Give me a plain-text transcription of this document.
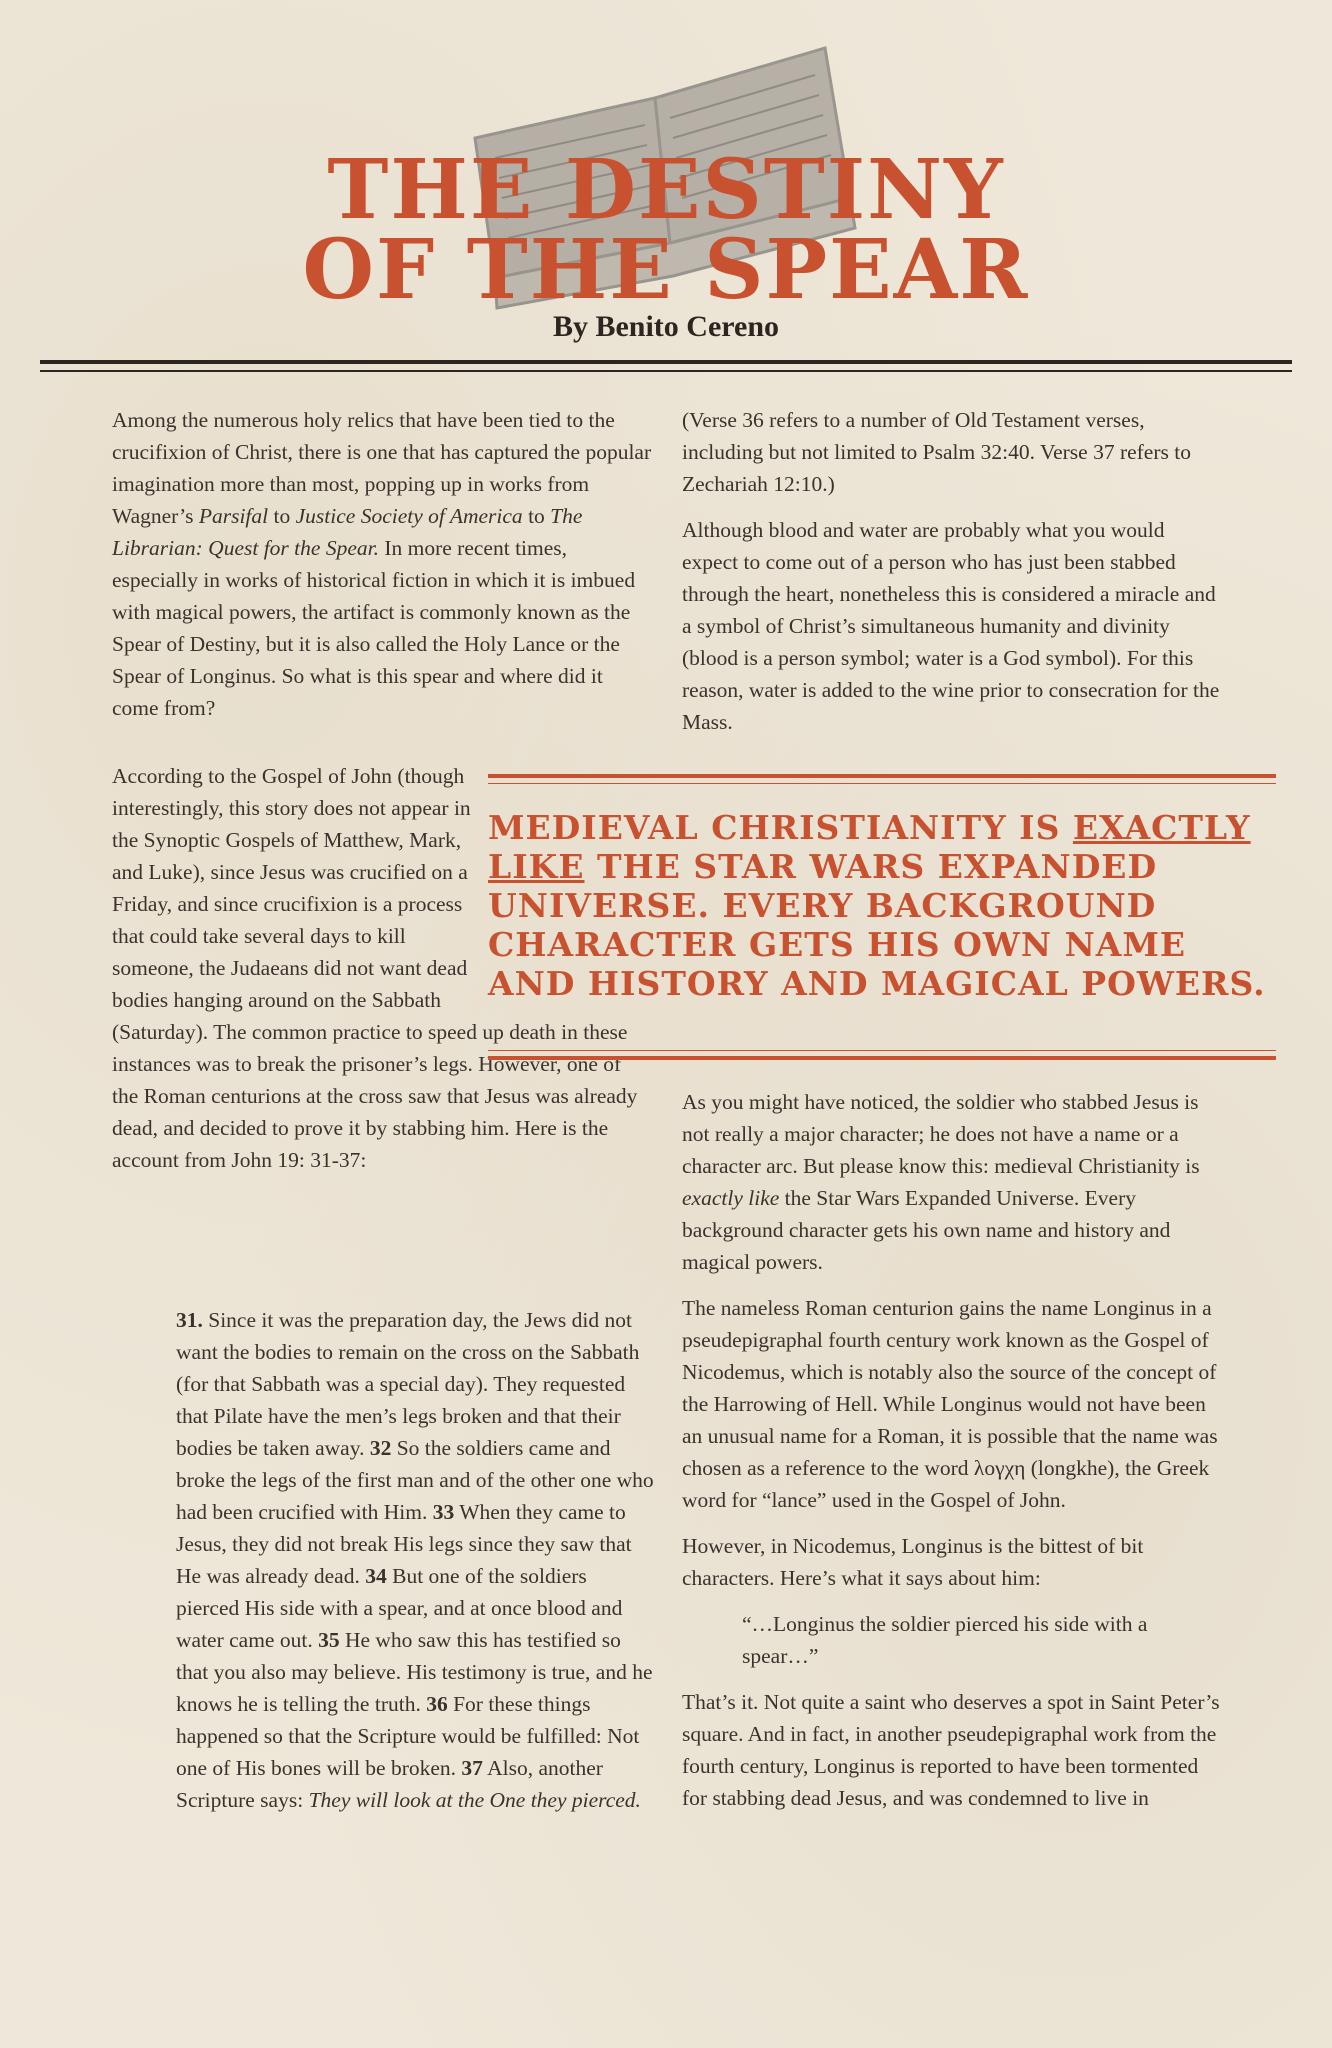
THE DESTINY
OF THE SPEAR
By Benito Cereno

Among the numerous holy relics that have been tied to the crucifixion of Christ, there is one that has captured the popular imagination more than most, popping up in works from Wagner’s Parsifal to Justice Society of America to The Librarian: Quest for the Spear. In more recent times, especially in works of historical fiction in which it is imbued with magical powers, the artifact is commonly known as the Spear of Destiny, but it is also called the Holy Lance or the Spear of Longinus. So what is this spear and where did it come from?

(Verse 36 refers to a number of Old Testament verses, including but not limited to Psalm 32:40. Verse 37 refers to Zechariah 12:10.)

Although blood and water are probably what you would expect to come out of a person who has just been stabbed through the heart, nonetheless this is considered a miracle and a symbol of Christ’s simultaneous humanity and divinity (blood is a person symbol; water is a God symbol). For this reason, water is added to the wine prior to consecration for the Mass.

According to the Gospel of John (though interestingly, this story does not appear in the Synoptic Gospels of Matthew, Mark, and Luke), since Jesus was crucified on a Friday, and since crucifixion is a process that could take several days to kill someone, the Judaeans did not want dead bodies hanging around on the Sabbath
(Saturday). The common practice to speed up death in these instances was to break the prisoner’s legs. However, one of the Roman centurions at the cross saw that Jesus was already dead, and decided to prove it by stabbing him. Here is the account from John 19: 31-37:
31. Since it was the preparation day, the Jews did not want the bodies to remain on the cross on the Sabbath (for that Sabbath was a special day). They requested that Pilate have the men’s legs broken and that their bodies be taken away. 32 So the soldiers came and broke the legs of the first man and of the other one who had been crucified with Him. 33 When they came to Jesus, they did not break His legs since they saw that He was already dead. 34 But one of the soldiers pierced His side with a spear, and at once blood and water came out. 35 He who saw this has testified so that you also may believe. His testimony is true, and he knows he is telling the truth. 36 For these things happened so that the Scripture would be fulfilled: Not one of His bones will be broken. 37 Also, another Scripture says: They will look at the One they pierced.
MEDIEVAL CHRISTIANITY IS EXACTLY LIKE THE STAR WARS EXPANDED UNIVERSE. EVERY BACKGROUND CHARACTER GETS HIS OWN NAME AND HISTORY AND MAGICAL POWERS.

As you might have noticed, the soldier who stabbed Jesus is not really a major character; he does not have a name or a character arc. But please know this: medieval Christianity is exactly like the Star Wars Expanded Universe. Every background character gets his own name and history and magical powers.

The nameless Roman centurion gains the name Longinus in a pseudepigraphal fourth century work known as the Gospel of Nicodemus, which is notably also the source of the concept of the Harrowing of Hell. While Longinus would not have been an unusual name for a Roman, it is possible that the name was chosen as a reference to the word λογχη (longkhe), the Greek word for “lance” used in the Gospel of John.

However, in Nicodemus, Longinus is the bittest of bit characters. Here’s what it says about him:

“…Longinus the soldier pierced his side with a spear…”

That’s it. Not quite a saint who deserves a spot in Saint Peter’s square. And in fact, in another pseudepigraphal work from the fourth century, Longinus is reported to have been tormented for stabbing dead Jesus, and was condemned to live in
